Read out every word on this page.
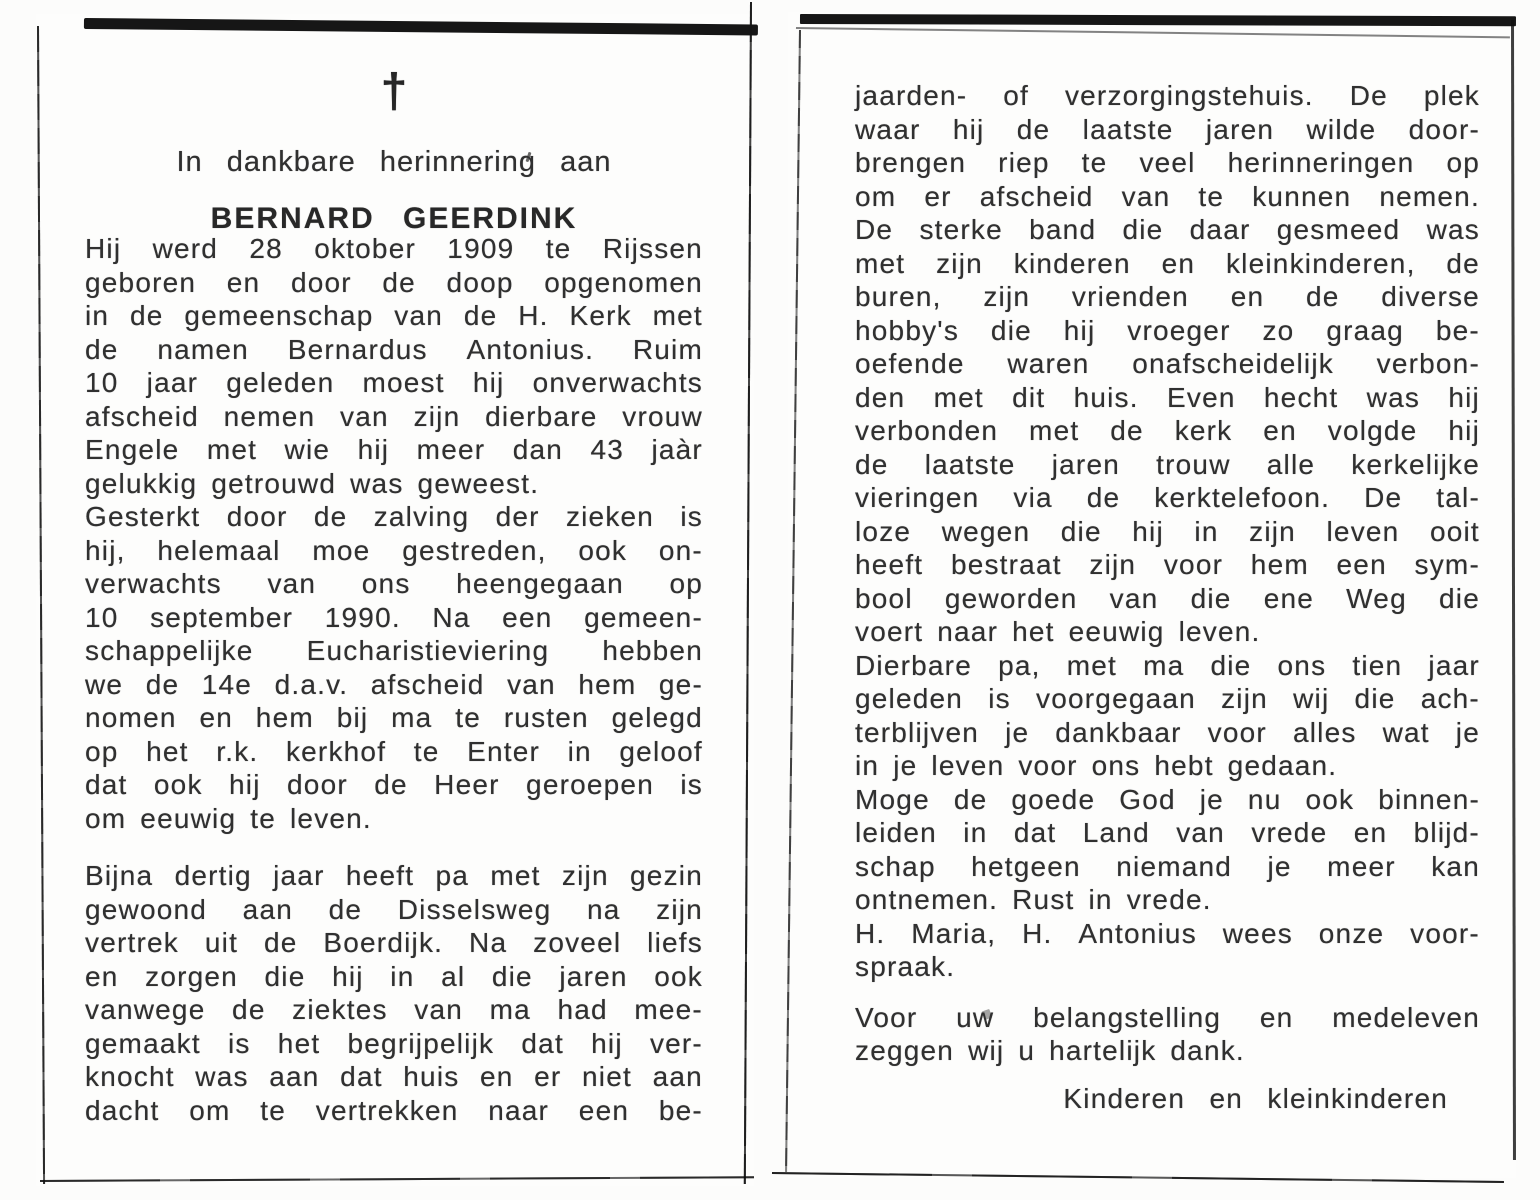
†
In dankbare herinnering aan
BERNARD GEERDINK
Hij werd 28 oktober 1909 te Rijssen
geboren en door de doop opgenomen
in de gemeenschap van de H. Kerk met
de namen Bernardus Antonius. Ruim
10 jaar geleden moest hij onverwachts
afscheid nemen van zijn dierbare vrouw
Engele met wie hij meer dan 43 jaàr
gelukkig getrouwd was geweest.
Gesterkt door de zalving der zieken is
hij, helemaal moe gestreden, ook on-
verwachts van ons heengegaan op
10 september 1990. Na een gemeen-
schappelijke Eucharistieviering hebben
we de 14e d.a.v. afscheid van hem ge-
nomen en hem bij ma te rusten gelegd
op het r.k. kerkhof te Enter in geloof
dat ook hij door de Heer geroepen is
om eeuwig te leven.
Bijna dertig jaar heeft pa met zijn gezin
gewoond aan de Disselsweg na zijn
vertrek uit de Boerdijk. Na zoveel liefs
en zorgen die hij in al die jaren ook
vanwege de ziektes van ma had mee-
gemaakt is het begrijpelijk dat hij ver-
knocht was aan dat huis en er niet aan
dacht om te vertrekken naar een be-
jaarden- of verzorgingstehuis. De plek
waar hij de laatste jaren wilde door-
brengen riep te veel herinneringen op
om er afscheid van te kunnen nemen.
De sterke band die daar gesmeed was
met zijn kinderen en kleinkinderen, de
buren, zijn vrienden en de diverse
hobby's die hij vroeger zo graag be-
oefende waren onafscheidelijk verbon-
den met dit huis. Even hecht was hij
verbonden met de kerk en volgde hij
de laatste jaren trouw alle kerkelijke
vieringen via de kerktelefoon. De tal-
loze wegen die hij in zijn leven ooit
heeft bestraat zijn voor hem een sym-
bool geworden van die ene Weg die
voert naar het eeuwig leven.
Dierbare pa, met ma die ons tien jaar
geleden is voorgegaan zijn wij die ach-
terblijven je dankbaar voor alles wat je
in je leven voor ons hebt gedaan.
Moge de goede God je nu ook binnen-
leiden in dat Land van vrede en blijd-
schap hetgeen niemand je meer kan
ontnemen. Rust in vrede.
H. Maria, H. Antonius wees onze voor-
spraak.
Voor uw belangstelling en medeleven
zeggen wij u hartelijk dank.
Kinderen en kleinkinderen
